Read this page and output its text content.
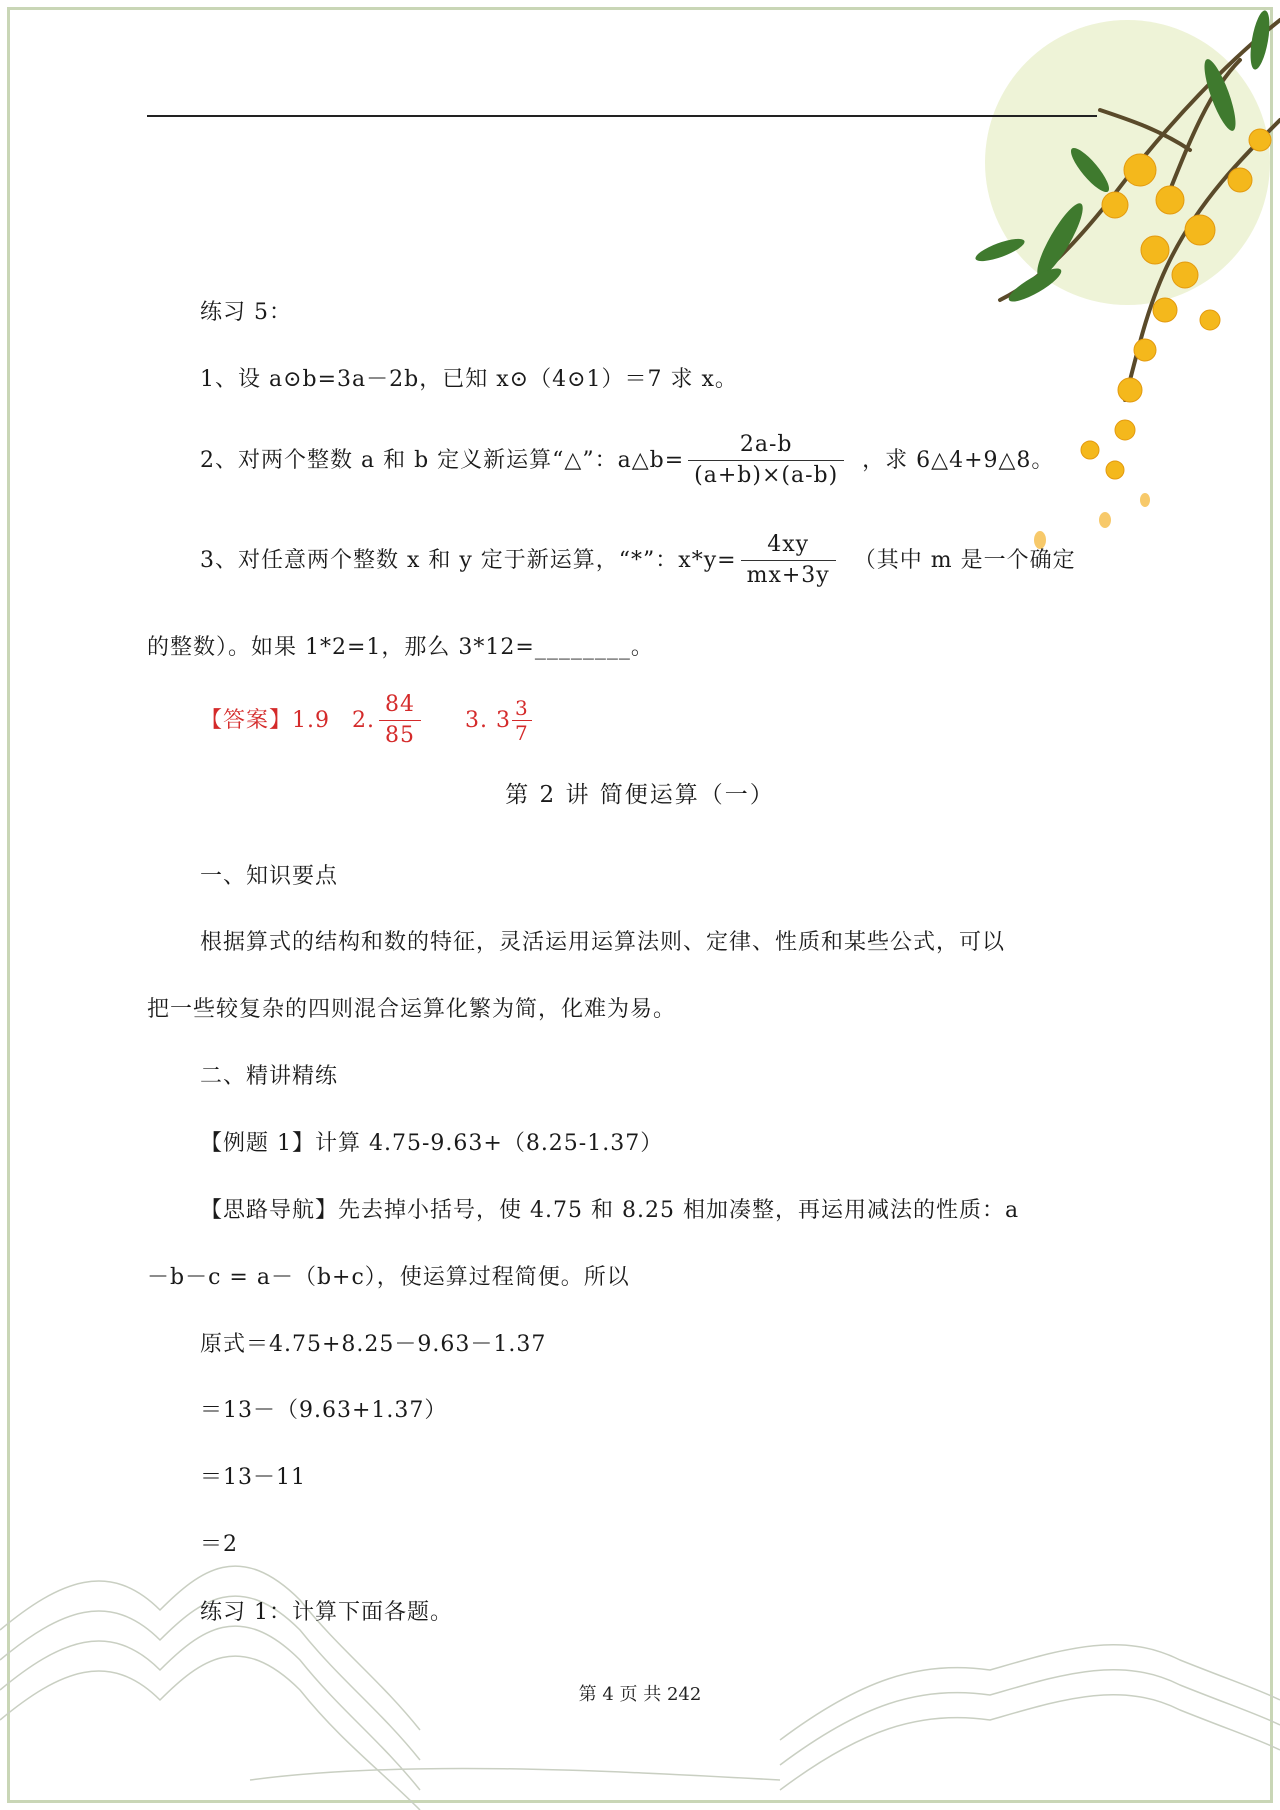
练习 5：
1、设 a⊙b=3a－2b，已知 x⊙（4⊙1）＝7 求 x。
2、对两个整数 a 和 b 定义新运算“△”：a△b= $\frac{2a-b}{(a+b)\times(a-b)}$ ，求 6△4+9△8。
3、对任意两个整数 x 和 y 定于新运算，“*”：$x*y= \frac{4xy}{mx+3y}$ （其中 m 是一个确定
的整数）。如果 1*2=1，那么 3*12=________。
【答案】1.9 2. $\frac{84}{85} 3$. $3 \frac{3}{7}$
第 2 讲 简便运算（一）
一、知识要点
根据算式的结构和数的特征，灵活运用运算法则、定律、性质和某些公式，可以
把一些较复杂的四则混合运算化繁为简，化难为易。
二、精讲精练
【例题 1】计算 4.75-9.63+（8.25-1.37）
【思路导航】先去掉小括号，使 4.75 和 8.25 相加凑整，再运用减法的性质：a
－b－c = a－（b+c），使运算过程简便。所以
原式＝4.75+8.25－9.63－1.37
＝13－（9.63+1.37）
＝13－11
＝2
练习 1：计算下面各题。
第 4 页 共 242
